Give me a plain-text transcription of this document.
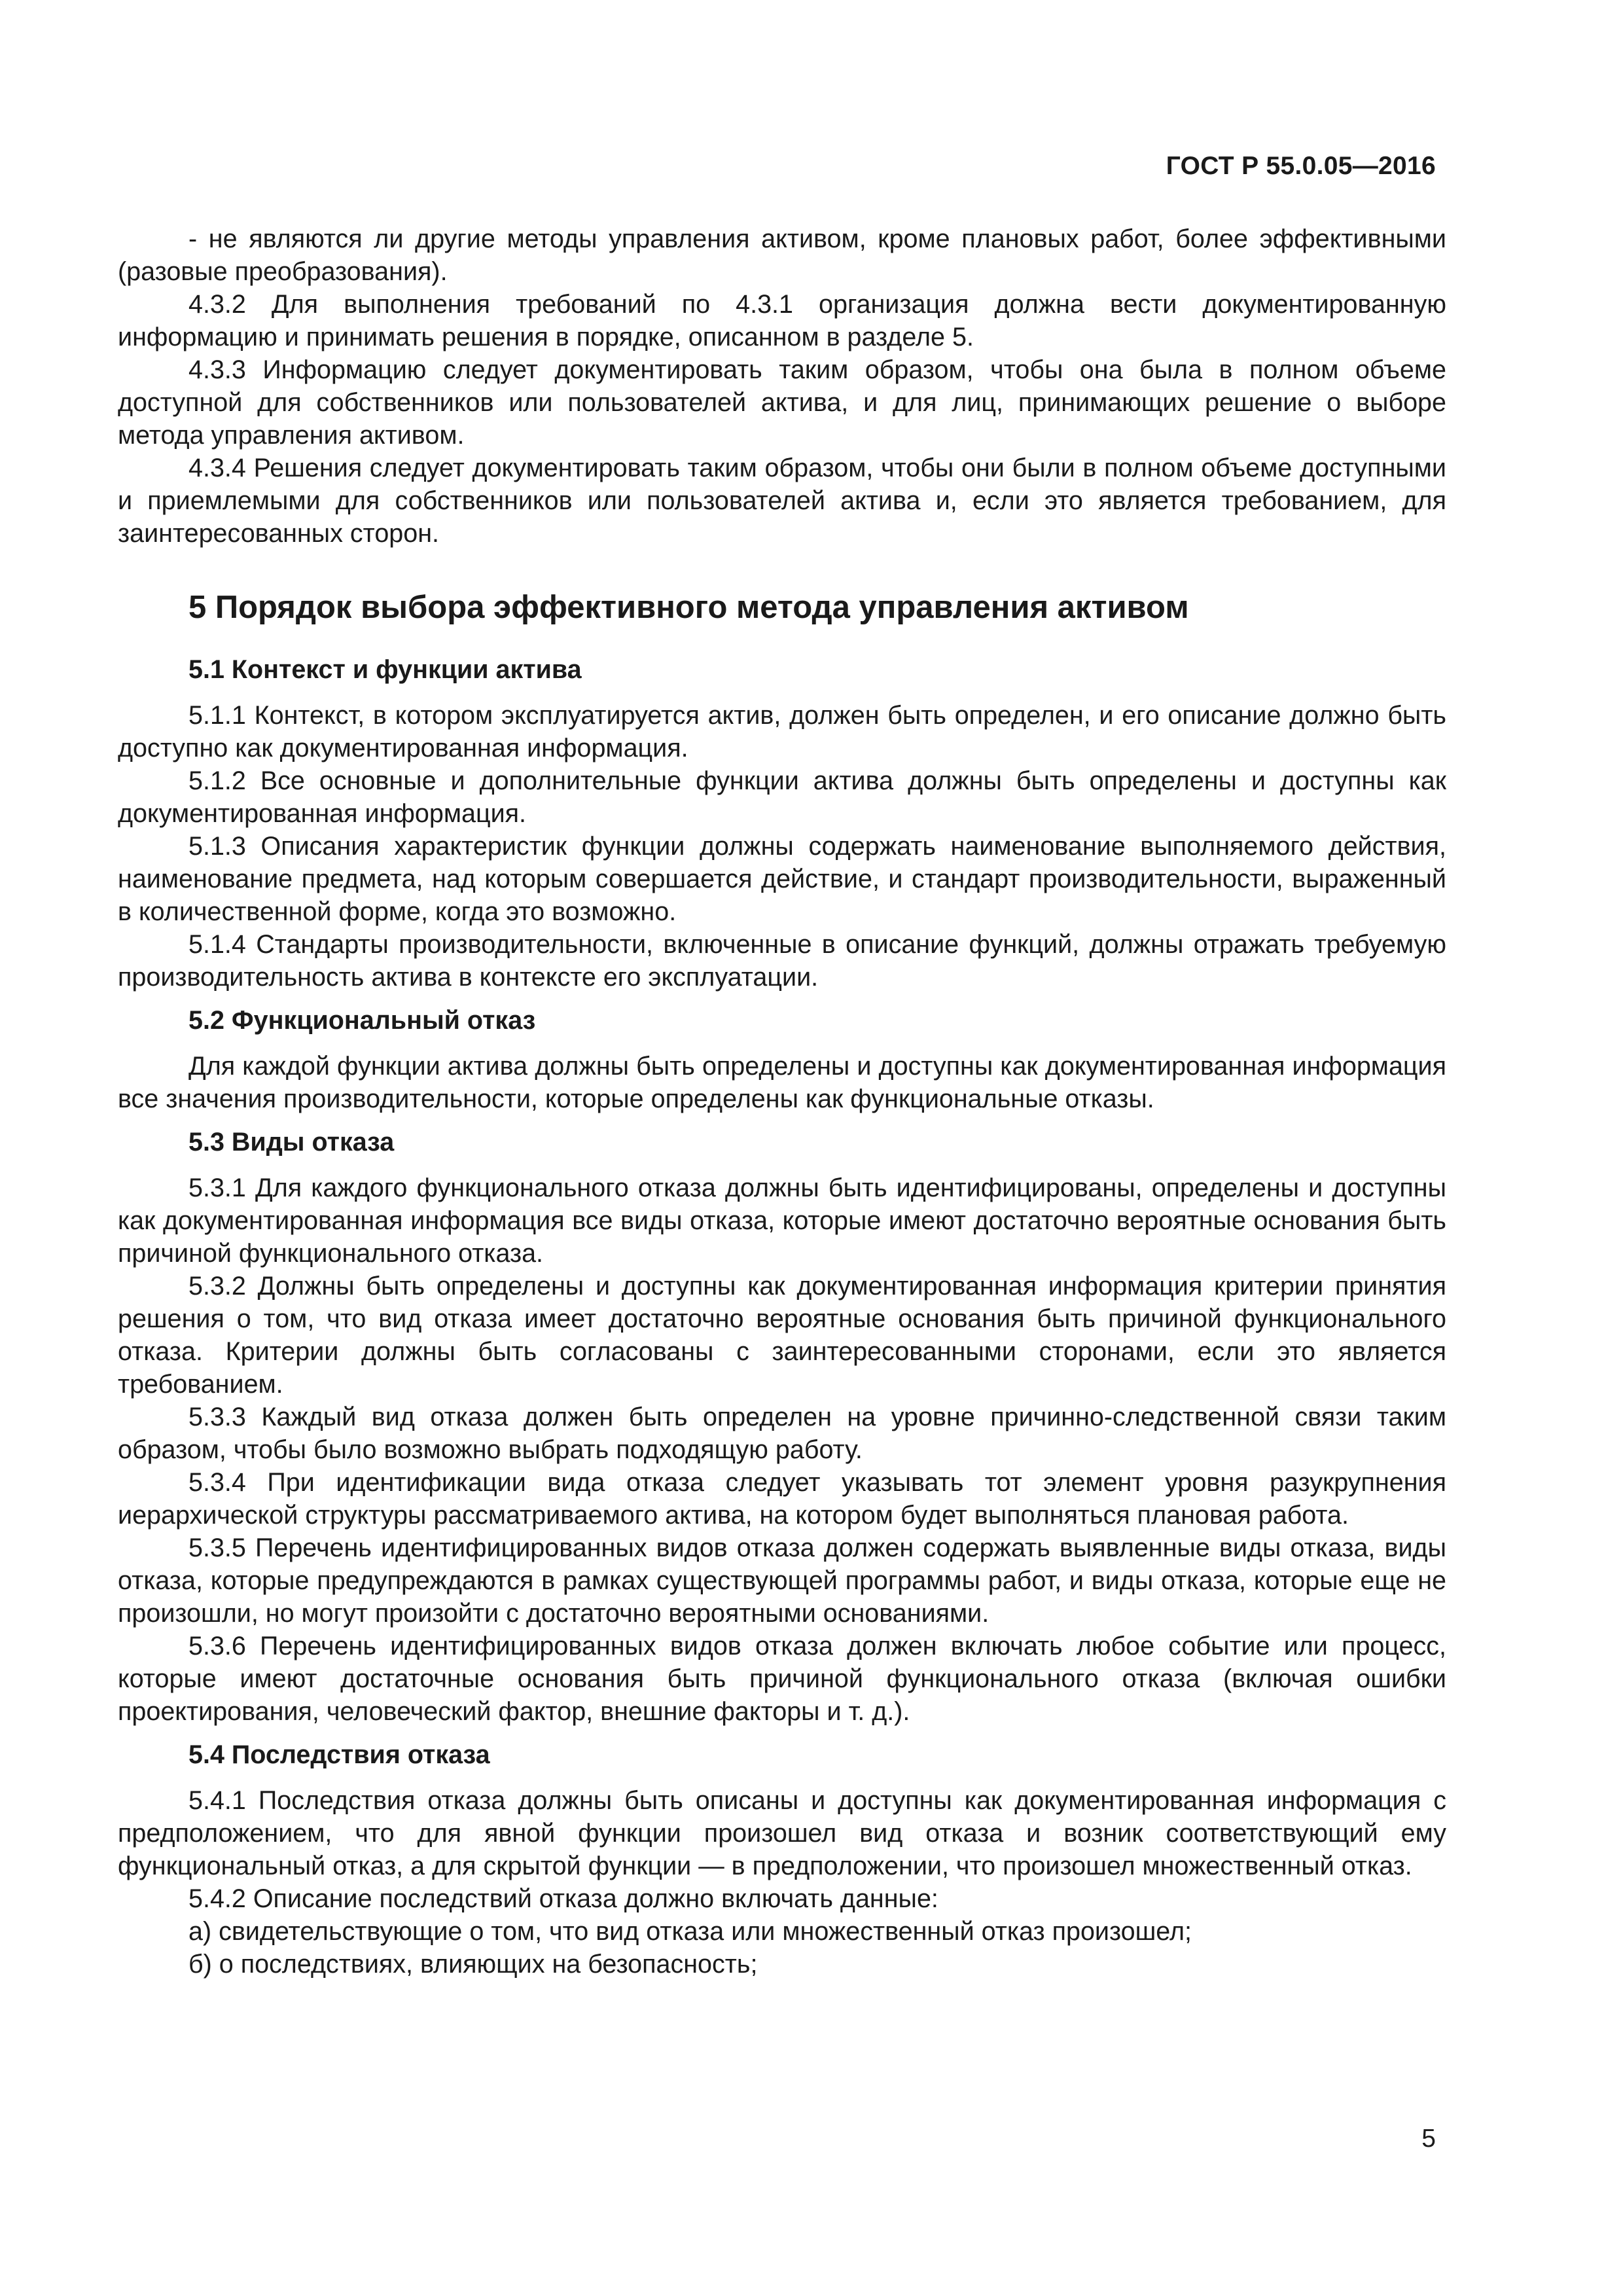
ГОСТ Р 55.0.05—2016

- не являются ли другие методы управления активом, кроме плановых работ, более эффективными (разовые преобразования).

4.3.2 Для выполнения требований по 4.3.1 организация должна вести документированную информацию и принимать решения в порядке, описанном в разделе 5.

4.3.3 Информацию следует документировать таким образом, чтобы она была в полном объеме доступной для собственников или пользователей актива, и для лиц, принимающих решение о выборе метода управления активом.

4.3.4 Решения следует документировать таким образом, чтобы они были в полном объеме доступными и приемлемыми для собственников или пользователей актива и, если это является требованием, для заинтересованных сторон.

5 Порядок выбора эффективного метода управления активом
5.1 Контекст и функции актива

5.1.1 Контекст, в котором эксплуатируется актив, должен быть определен, и его описание должно быть доступно как документированная информация.

5.1.2 Все основные и дополнительные функции актива должны быть определены и доступны как документированная информация.

5.1.3 Описания характеристик функции должны содержать наименование выполняемого действия, наименование предмета, над которым совершается действие, и стандарт производительности, выраженный в количественной форме, когда это возможно.

5.1.4 Стандарты производительности, включенные в описание функций, должны отражать требуемую производительность актива в контексте его эксплуатации.

5.2 Функциональный отказ

Для каждой функции актива должны быть определены и доступны как документированная информация все значения производительности, которые определены как функциональные отказы.

5.3 Виды отказа

5.3.1 Для каждого функционального отказа должны быть идентифицированы, определены и доступны как документированная информация все виды отказа, которые имеют достаточно вероятные основания быть причиной функционального отказа.

5.3.2 Должны быть определены и доступны как документированная информация критерии принятия решения о том, что вид отказа имеет достаточно вероятные основания быть причиной функционального отказа. Критерии должны быть согласованы с заинтересованными сторонами, если это является требованием.

5.3.3 Каждый вид отказа должен быть определен на уровне причинно-следственной связи таким образом, чтобы было возможно выбрать подходящую работу.

5.3.4 При идентификации вида отказа следует указывать тот элемент уровня разукрупнения иерархической структуры рассматриваемого актива, на котором будет выполняться плановая работа.

5.3.5 Перечень идентифицированных видов отказа должен содержать выявленные виды отказа, виды отказа, которые предупреждаются в рамках существующей программы работ, и виды отказа, которые еще не произошли, но могут произойти с достаточно вероятными основаниями.

5.3.6 Перечень идентифицированных видов отказа должен включать любое событие или процесс, которые имеют достаточные основания быть причиной функционального отказа (включая ошибки проектирования, человеческий фактор, внешние факторы и т. д.).

5.4 Последствия отказа

5.4.1 Последствия отказа должны быть описаны и доступны как документированная информация с предположением, что для явной функции произошел вид отказа и возник соответствующий ему функциональный отказ, а для скрытой функции — в предположении, что произошел множественный отказ.

5.4.2 Описание последствий отказа должно включать данные:

а) свидетельствующие о том, что вид отказа или множественный отказ произошел;

б) о последствиях, влияющих на безопасность;

5
